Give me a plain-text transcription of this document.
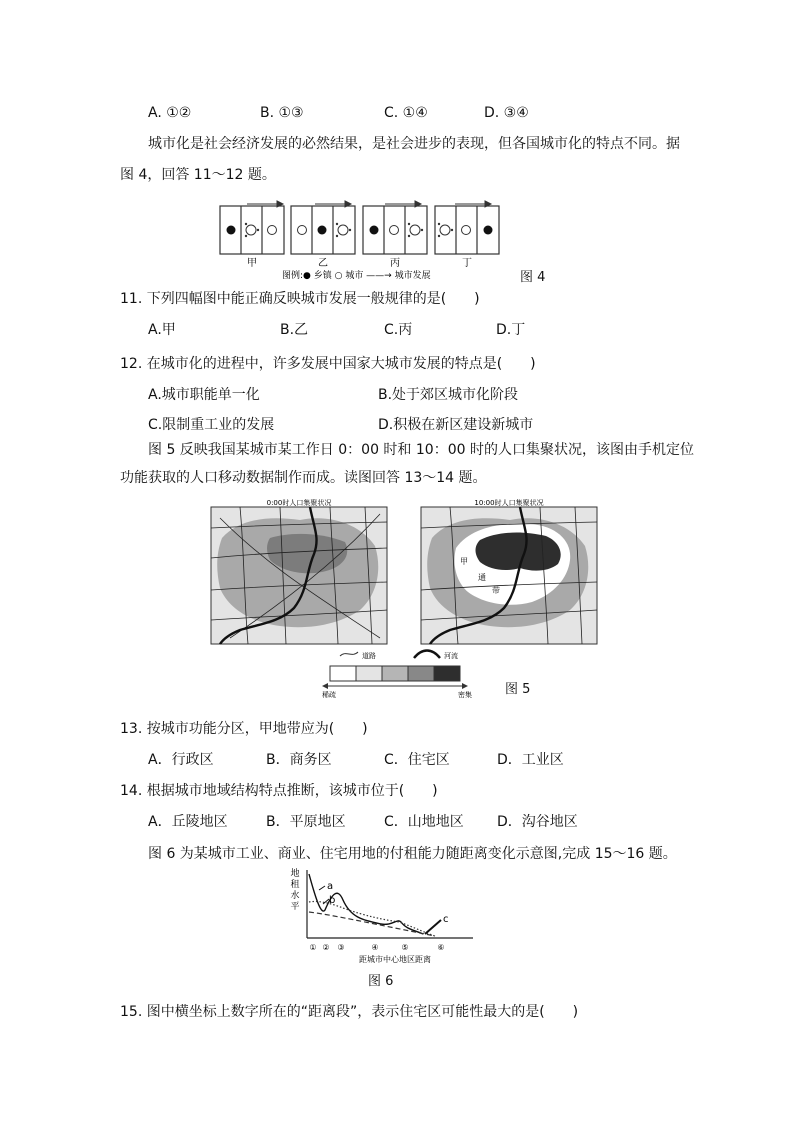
A. ①②	B. ①③	C. ①④	D. ③④
城市化是社会经济发展的必然结果，是社会进步的表现，但各国城市化的特点不同。据
图 4，回答 11～12 题。
甲	乙	丙	丁
图例:● 乡镇 ○ 城市 ——→ 城市发展	图 4
11. 下列四幅图中能正确反映城市发展一般规律的是(　　)
A.甲	B.乙	C.丙	D.丁
12. 在城市化的进程中，许多发展中国家大城市发展的特点是(　　)
A.城市职能单一化	B.处于郊区城市化阶段
C.限制重工业的发展	D.积极在新区建设新城市
图 5 反映我国某城市某工作日 0：00 时和 10：00 时的人口集聚状况，该图由手机定位
功能获取的人口移动数据制作而成。读图回答 13～14 题。
0:00时人口集聚状况	10:00时人口集聚状况
甲
通
带
道路	河流
稀疏	密集	图 5
13. 按城市功能分区，甲地带应为(　　)
A．行政区	B．商务区	C．住宅区	D．工业区
14. 根据城市地域结构特点推断，该城市位于(　　)
A．丘陵地区	B．平原地区	C．山地地区 D．沟谷地区
图 6 为某城市工业、商业、住宅用地的付租能力随距离变化示意图,完成 15～16 题。
地
租
水
平
a
b
c
① ② ③	④	⑤	⑥
距城市中心地区距离
图 6
15. 图中横坐标上数字所在的“距离段”，表示住宅区可能性最大的是(　　)
